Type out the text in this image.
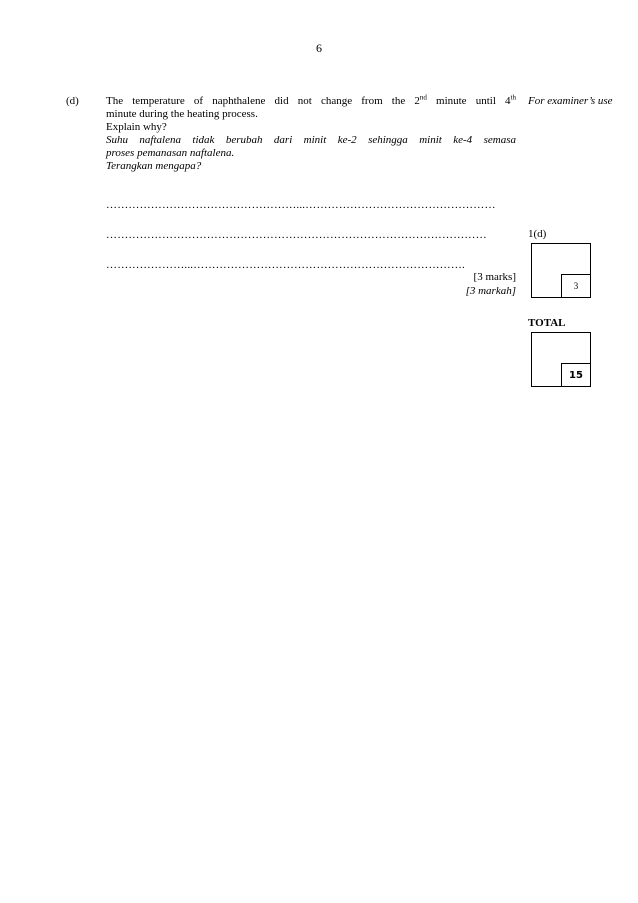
6
(d) The temperature of naphthalene did not change from the 2nd minute until 4th

minute during the heating process.

Explain why?

Suhu naftalena tidak berubah dari minit ke-2 sehingga minit ke-4 semasa

proses pemanasan naftalena.

Terangkan mengapa?

……………………………………………...……………………………………………
…………………………………………………………………………………………
…………………...……………………………………………………………….
[3 marks]
[3 markah]
For examiner’s use
1(d)
3
TOTAL
15
